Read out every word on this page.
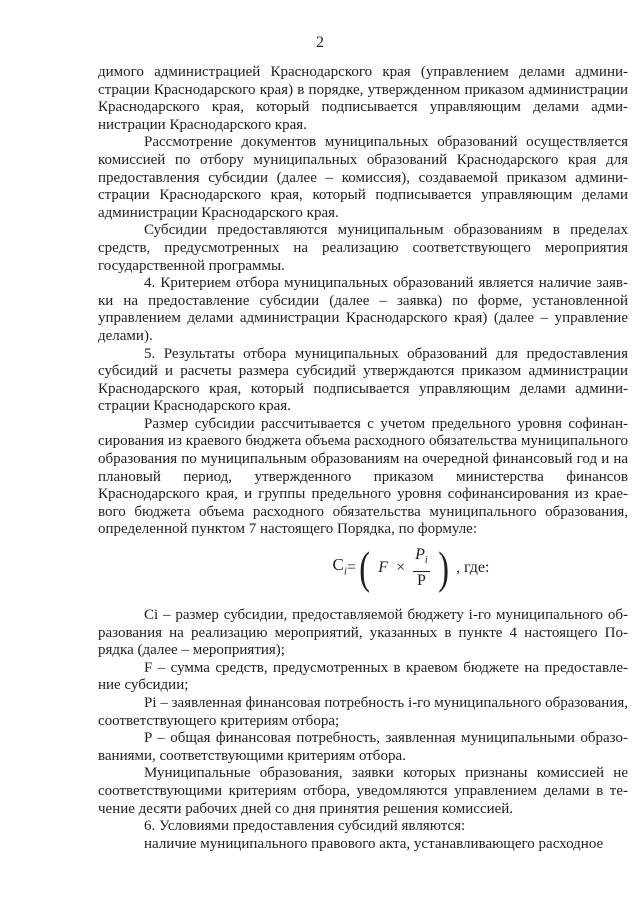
2

димого администрацией Краснодарского края (управлением делами администрации Краснодарского края) в порядке, утвержденном приказом администрации Краснодарского края, который подписывается управляющим делами администрации Краснодарского края.

Рассмотрение документов муниципальных образований осуществляется комиссией по отбору муниципальных образований Краснодарского края для предоставления субсидии (далее – комиссия), создаваемой приказом администрации Краснодарского края, который подписывается управляющим делами администрации Краснодарского края.

Субсидии предоставляются муниципальным образованиям в пределах средств, предусмотренных на реализацию соответствующего мероприятия государственной программы.

4. Критерием отбора муниципальных образований является наличие заявки на предоставление субсидии (далее – заявка) по форме, установленной управлением делами администрации Краснодарского края) (далее – управление делами).

5. Результаты отбора муниципальных образований для предоставления субсидий и расчеты размера субсидий утверждаются приказом администрации Краснодарского края, который подписывается управляющим делами администрации Краснодарского края.

Размер субсидии рассчитывается с учетом предельного уровня софинансирования из краевого бюджета объема расходного обязательства муниципального образования по муниципальным образованиям на очередной финансовый год и на плановый период, утвержденного приказом министерства финансов Краснодарского края, и группы предельного уровня софинансирования из краевого бюджета объема расходного обязательства муниципального образования, определенной пунктом 7 настоящего Порядка, по формуле:

$C_i$ = ( $F \times \frac{P_i}{P}$ ) , где:

Ci – размер субсидии, предоставляемой бюджету i-го муниципального образования на реализацию мероприятий, указанных в пункте 4 настоящего Порядка (далее – мероприятия);

F – сумма средств, предусмотренных в краевом бюджете на предоставление субсидии;

Pi – заявленная финансовая потребность i-го муниципального образования, соответствующего критериям отбора;

P – общая финансовая потребность, заявленная муниципальными образованиями, соответствующими критериям отбора.

Муниципальные образования, заявки которых признаны комиссией не соответствующими критериям отбора, уведомляются управлением делами в течение десяти рабочих дней со дня принятия решения комиссией.

6. Условиями предоставления субсидий являются:

наличие муниципального правового акта, устанавливающего расходное
